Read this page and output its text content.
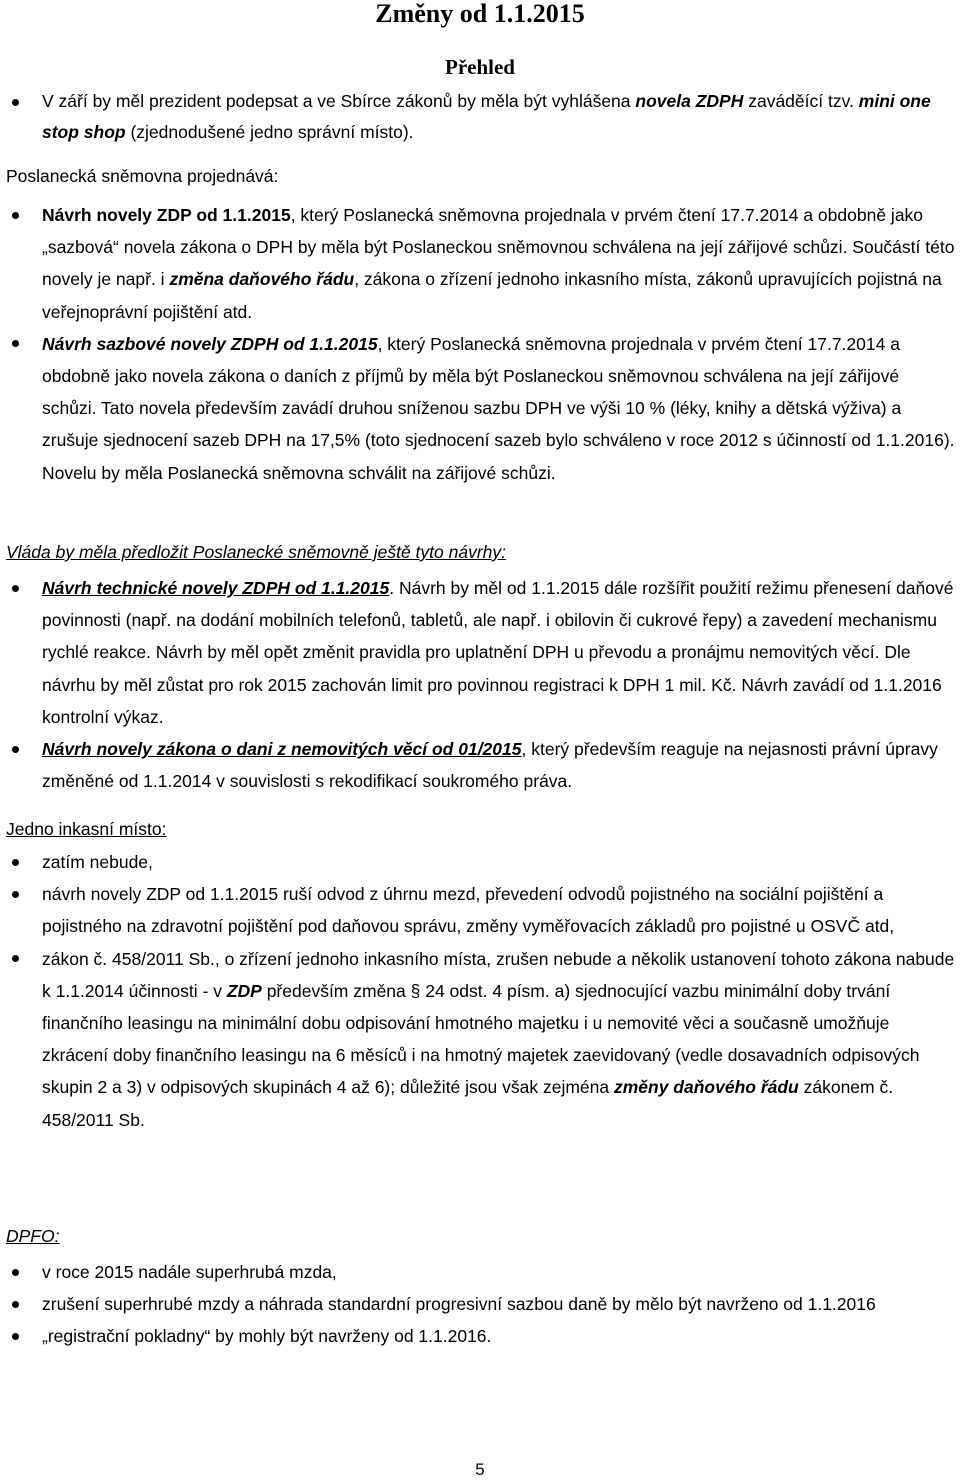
Změny od 1.1.2015
Přehled
V září by měl prezident podepsat a ve Sbírce zákonů by měla být vyhlášena novela ZDPH zaváděící tzv. mini one stop shop (zjednodušené jedno správní místo).
Poslanecká sněmovna projednává:
Návrh novely ZDP od 1.1.2015, který Poslanecká sněmovna projednala v prvém čtení 17.7.2014 a obdobně jako „sazbová“ novela zákona o DPH by měla být Poslaneckou sněmovnou schválena na její zářijové schůzi. Součástí této novely je např. i změna daňového řádu, zákona o zřízení jednoho inkasního místa, zákonů upravujících pojistná na veřejnoprávní pojištění atd.
Návrh sazbové novely ZDPH od 1.1.2015, který Poslanecká sněmovna projednala v prvém čtení 17.7.2014 a obdobně jako novela zákona o daních z příjmů by měla být Poslaneckou sněmovnou schválena na její zářijové schůzi. Tato novela především zavádí druhou sníženou sazbu DPH ve výši 10 % (léky, knihy a dětská výživa) a zrušuje sjednocení sazeb DPH na 17,5% (toto sjednocení sazeb bylo schváleno v roce 2012 s účinností od 1.1.2016). Novelu by měla Poslanecká sněmovna schválit na zářijové schůzi.
Vláda by měla předložit Poslanecké sněmovně ještě tyto návrhy:
Návrh technické novely ZDPH od 1.1.2015. Návrh by měl od 1.1.2015 dále rozšířit použití režimu přenesení daňové povinnosti (např. na dodání mobilních telefonů, tabletů, ale např. i obilovin či cukrové řepy) a zavedení mechanismu rychlé reakce. Návrh by měl opět změnit pravidla pro uplatnění DPH u převodu a pronájmu nemovitých věcí. Dle návrhu by měl zůstat pro rok 2015 zachován limit pro povinnou registraci k DPH 1 mil. Kč. Návrh zavádí od 1.1.2016 kontrolní výkaz.
Návrh novely zákona o dani z nemovitých věcí od 01/2015, který především reaguje na nejasnosti právní úpravy změněné od 1.1.2014 v souvislosti s rekodifikací soukromého práva.
Jedno inkasní místo:
zatím nebude,
návrh novely ZDP od 1.1.2015 ruší odvod z úhrnu mezd, převedení odvodů pojistného na sociální pojištění a pojistného na zdravotní pojištění pod daňovou správu, změny vyměřovacích základů pro pojistné u OSVČ atd,
zákon č. 458/2011 Sb., o zřízení jednoho inkasního místa, zrušen nebude a několik ustanovení tohoto zákona nabude k 1.1.2014 účinnosti - v ZDP především změna § 24 odst. 4 písm. a) sjednocující vazbu minimální doby trvání finančního leasingu na minimální dobu odpisování hmotného majetku i u nemovité věci a současně umožňuje zkrácení doby finančního leasingu na 6 měsíců i na hmotný majetek zaevidovaný (vedle dosavadních odpisových skupin 2 a 3) v odpisových skupinách 4 až 6); důležité jsou však zejména změny daňového řádu zákonem č. 458/2011 Sb.
DPFO:
v roce 2015 nadále superhrubá mzda,
zrušení superhrubé mzdy a náhrada standardní progresivní sazbou daně by mělo být navrženo od 1.1.2016
„registrační pokladny“ by mohly být navrženy od 1.1.2016.
5
